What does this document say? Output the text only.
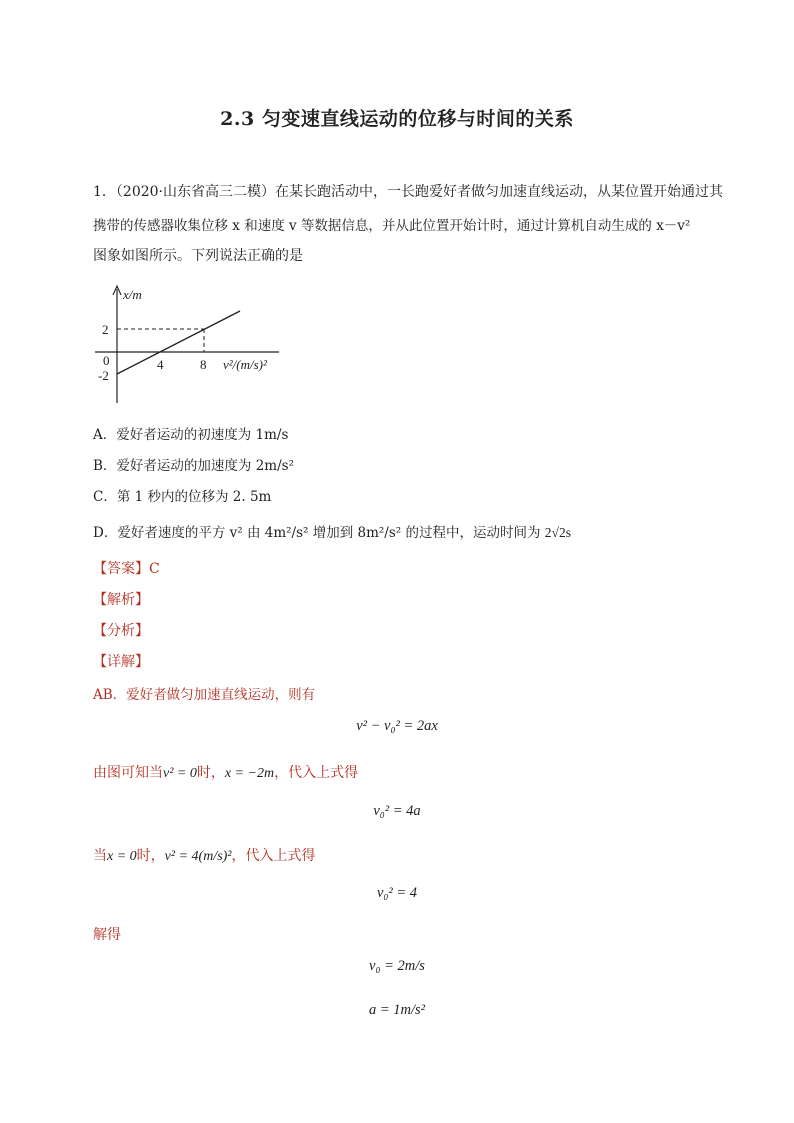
2.3 匀变速直线运动的位移与时间的关系
1．（2020·山东省高三二模）在某长跑活动中，一长跑爱好者做匀加速直线运动，从某位置开始通过其
携带的传感器收集位移 x 和速度 v 等数据信息，并从此位置开始计时，通过计算机自动生成的 x－v²
图象如图所示。下列说法正确的是
x/m
v²/(m/s)²
2
0
-2
4	8
A．爱好者运动的初速度为 1m/s
B．爱好者运动的加速度为 2m/s²
C．第 1 秒内的位移为 2. 5m
D．爱好者速度的平方 v² 由 4m²/s² 增加到 8m²/s² 的过程中，运动时间为 2√2s
【答案】C
【解析】
【分析】
【详解】
AB．爱好者做匀加速直线运动，则有
v² − v₀² = 2ax
由图可知当v² = 0时，x = −2m，代入上式得
v₀² = 4a
当x = 0时，v² = 4(m/s)²，代入上式得
v₀² = 4
解得
v₀ = 2m/s
a = 1m/s²
